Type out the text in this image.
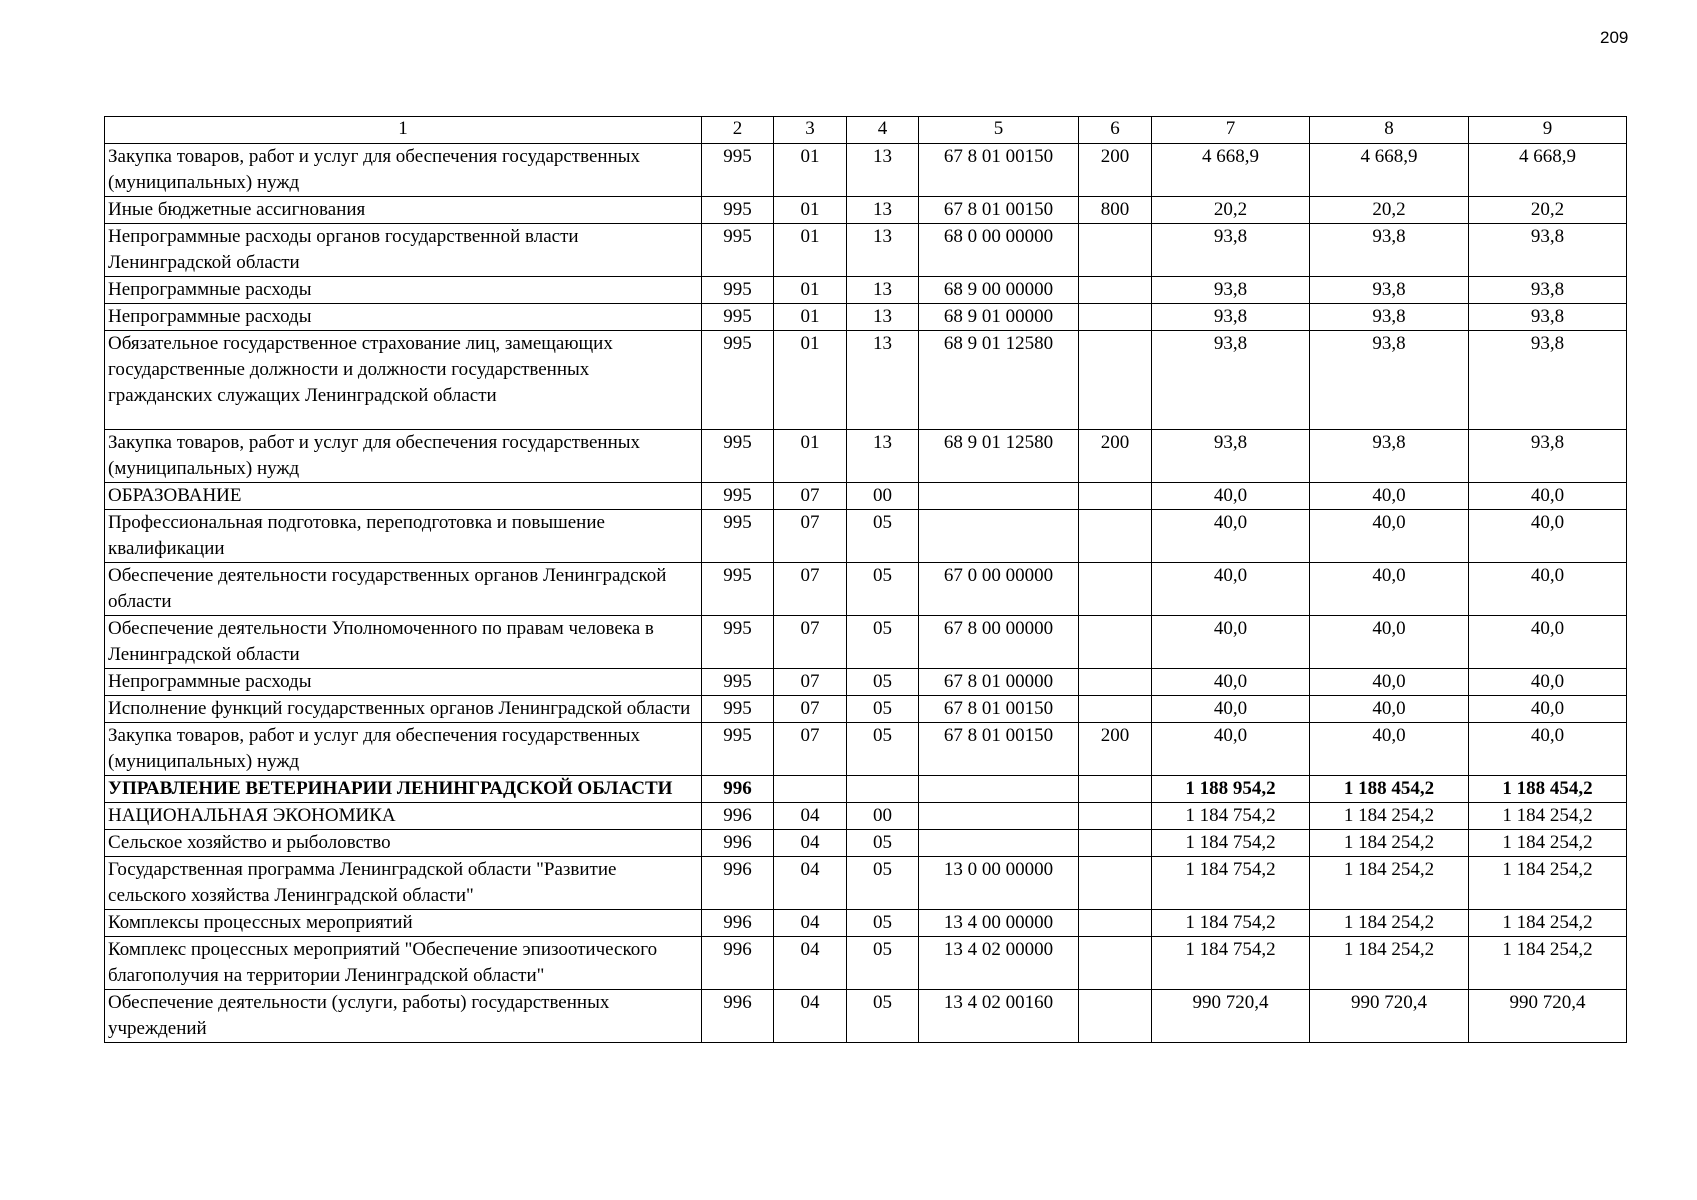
209
1	2	3	4	5	6	7	8	9
Закупка товаров, работ и услуг для обеспечения государственных (муниципальных) нужд	995	01	13	67 8 01 00150	200	4 668,9	4 668,9	4 668,9
Иные бюджетные ассигнования	995	01	13	67 8 01 00150	800	20,2	20,2	20,2
Непрограммные расходы органов государственной власти Ленинградской области	995	01	13	68 0 00 00000		93,8	93,8	93,8
Непрограммные расходы	995	01	13	68 9 00 00000		93,8	93,8	93,8
Непрограммные расходы	995	01	13	68 9 01 00000		93,8	93,8	93,8
Обязательное государственное страхование лиц, замещающих государственные должности и должности государственных гражданских служащих Ленинградской области	995	01	13	68 9 01 12580		93,8	93,8	93,8
Закупка товаров, работ и услуг для обеспечения государственных (муниципальных) нужд	995	01	13	68 9 01 12580	200	93,8	93,8	93,8
ОБРАЗОВАНИЕ	995	07	00			40,0	40,0	40,0
Профессиональная подготовка, переподготовка и повышение квалификации	995	07	05			40,0	40,0	40,0
Обеспечение деятельности государственных органов Ленинградской области	995	07	05	67 0 00 00000		40,0	40,0	40,0
Обеспечение деятельности Уполномоченного по правам человека в Ленинградской области	995	07	05	67 8 00 00000		40,0	40,0	40,0
Непрограммные расходы	995	07	05	67 8 01 00000		40,0	40,0	40,0
Исполнение функций государственных органов Ленинградской области	995	07	05	67 8 01 00150		40,0	40,0	40,0
Закупка товаров, работ и услуг для обеспечения государственных (муниципальных) нужд	995	07	05	67 8 01 00150	200	40,0	40,0	40,0
УПРАВЛЕНИЕ ВЕТЕРИНАРИИ ЛЕНИНГРАДСКОЙ ОБЛАСТИ	996					1 188 954,2	1 188 454,2	1 188 454,2
НАЦИОНАЛЬНАЯ ЭКОНОМИКА	996	04	00			1 184 754,2	1 184 254,2	1 184 254,2
Сельское хозяйство и рыболовство	996	04	05			1 184 754,2	1 184 254,2	1 184 254,2
Государственная программа Ленинградской области "Развитие сельского хозяйства Ленинградской области"	996	04	05	13 0 00 00000		1 184 754,2	1 184 254,2	1 184 254,2
Комплексы процессных мероприятий	996	04	05	13 4 00 00000		1 184 754,2	1 184 254,2	1 184 254,2
Комплекс процессных мероприятий "Обеспечение эпизоотического благополучия на территории Ленинградской области"	996	04	05	13 4 02 00000		1 184 754,2	1 184 254,2	1 184 254,2
Обеспечение деятельности (услуги, работы) государственных учреждений	996	04	05	13 4 02 00160		990 720,4	990 720,4	990 720,4
